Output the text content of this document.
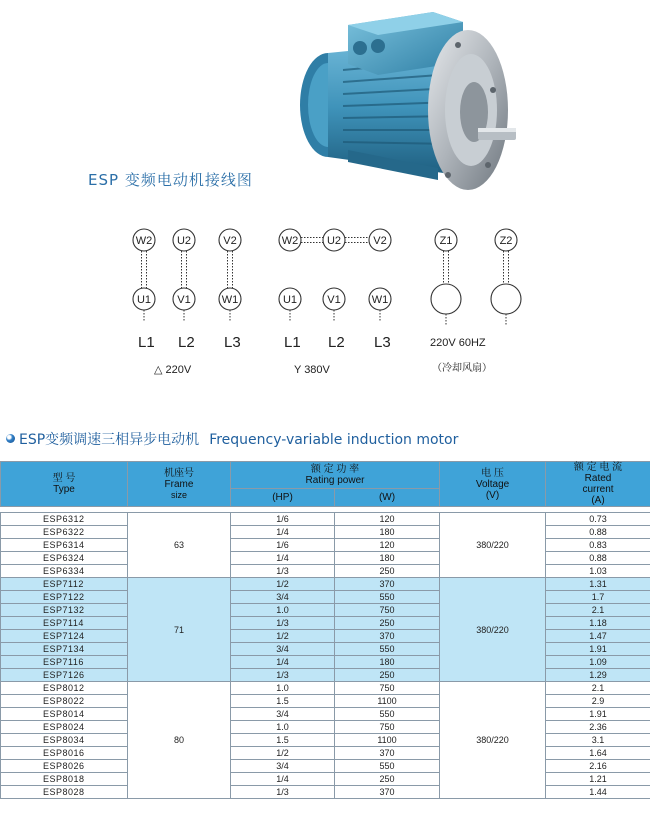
ESP 变频电动机接线图
W2
U1
L1
U2
V1
L2
V2
W1
L3
W2
U1
L1
U2
V1
L2
V2
W1
L3
Z1	Z2
△ 220V	Y 380V
220V 60HZ
（冷却风扇）
ESP变频调速三相异步电动机 Frequency-variable induction motor
型 号
Type	机座号
Frame
size	额 定 功 率
Rating power		电 压
Voltage
(V)	额 定 电 流
Rated
current
(A)
		(HP)	(W)		

ESP6312	63	1/6	120	380/220	0.73
ESP6322		1/4	180		0.88
ESP6314		1/6	120		0.83
ESP6324		1/4	180		0.88
ESP6334		1/3	250		1.03
ESP7112	71	1/2	370	380/220	1.31
ESP7122		3/4	550		1.7
ESP7132		1.0	750		2.1
ESP7114		1/3	250		1.18
ESP7124		1/2	370		1.47
ESP7134		3/4	550		1.91
ESP7116		1/4	180		1.09
ESP7126		1/3	250		1.29
ESP8012	80	1.0	750	380/220	2.1
ESP8022		1.5	1100		2.9
ESP8014		3/4	550		1.91
ESP8024		1.0	750		2.36
ESP8034		1.5	1100		3.1
ESP8016		1/2	370		1.64
ESP8026		3/4	550		2.16
ESP8018		1/4	250		1.21
ESP8028		1/3	370		1.44
